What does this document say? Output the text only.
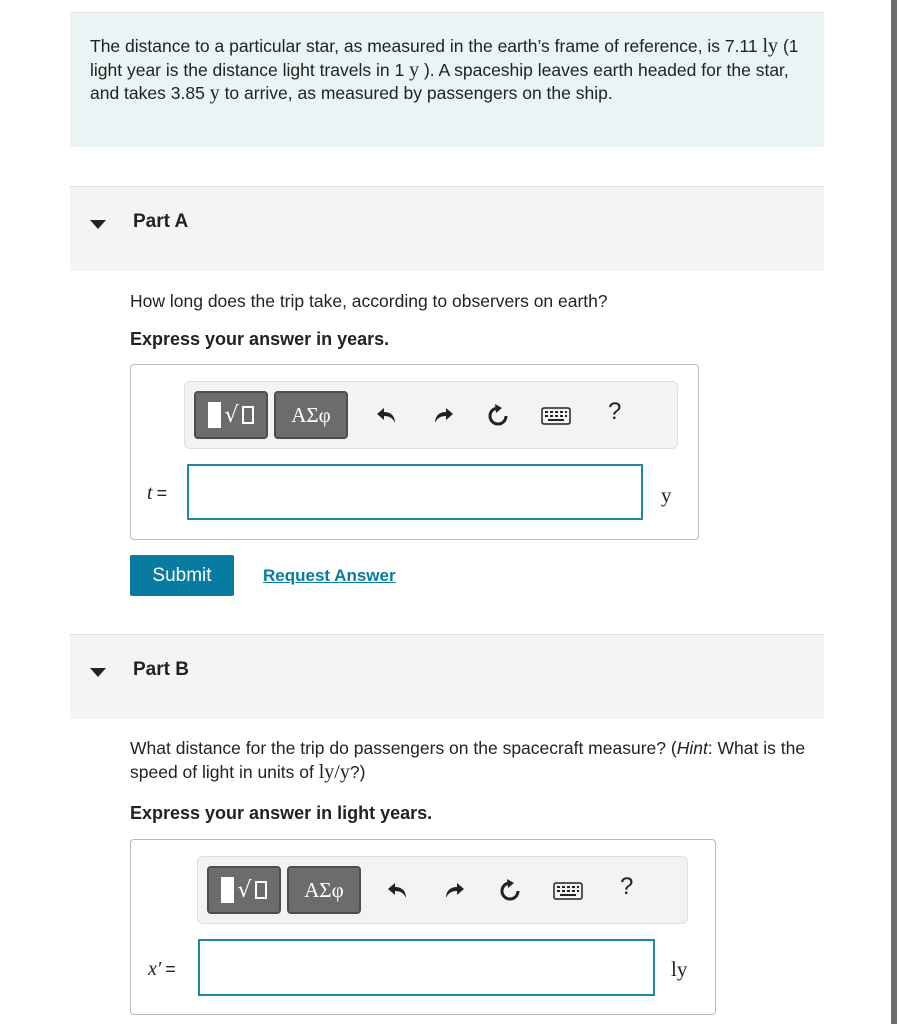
The distance to a particular star, as measured in the earth’s frame of reference, is 7.11 ly (1 light year is the distance light travels in 1 y ). A spaceship leaves earth headed for the star, and takes 3.85 y to arrive, as measured by passengers on the ship.
Part A
How long does the trip take, according to observers on earth?
Express your answer in years.
√	ΑΣφ	?
t =	y
Submit	Request Answer
Part B
What distance for the trip do passengers on the spacecraft measure? (Hint: What is the speed of light in units of ly/y?)
Express your answer in light years.
√	ΑΣφ	?
x′ =	ly
